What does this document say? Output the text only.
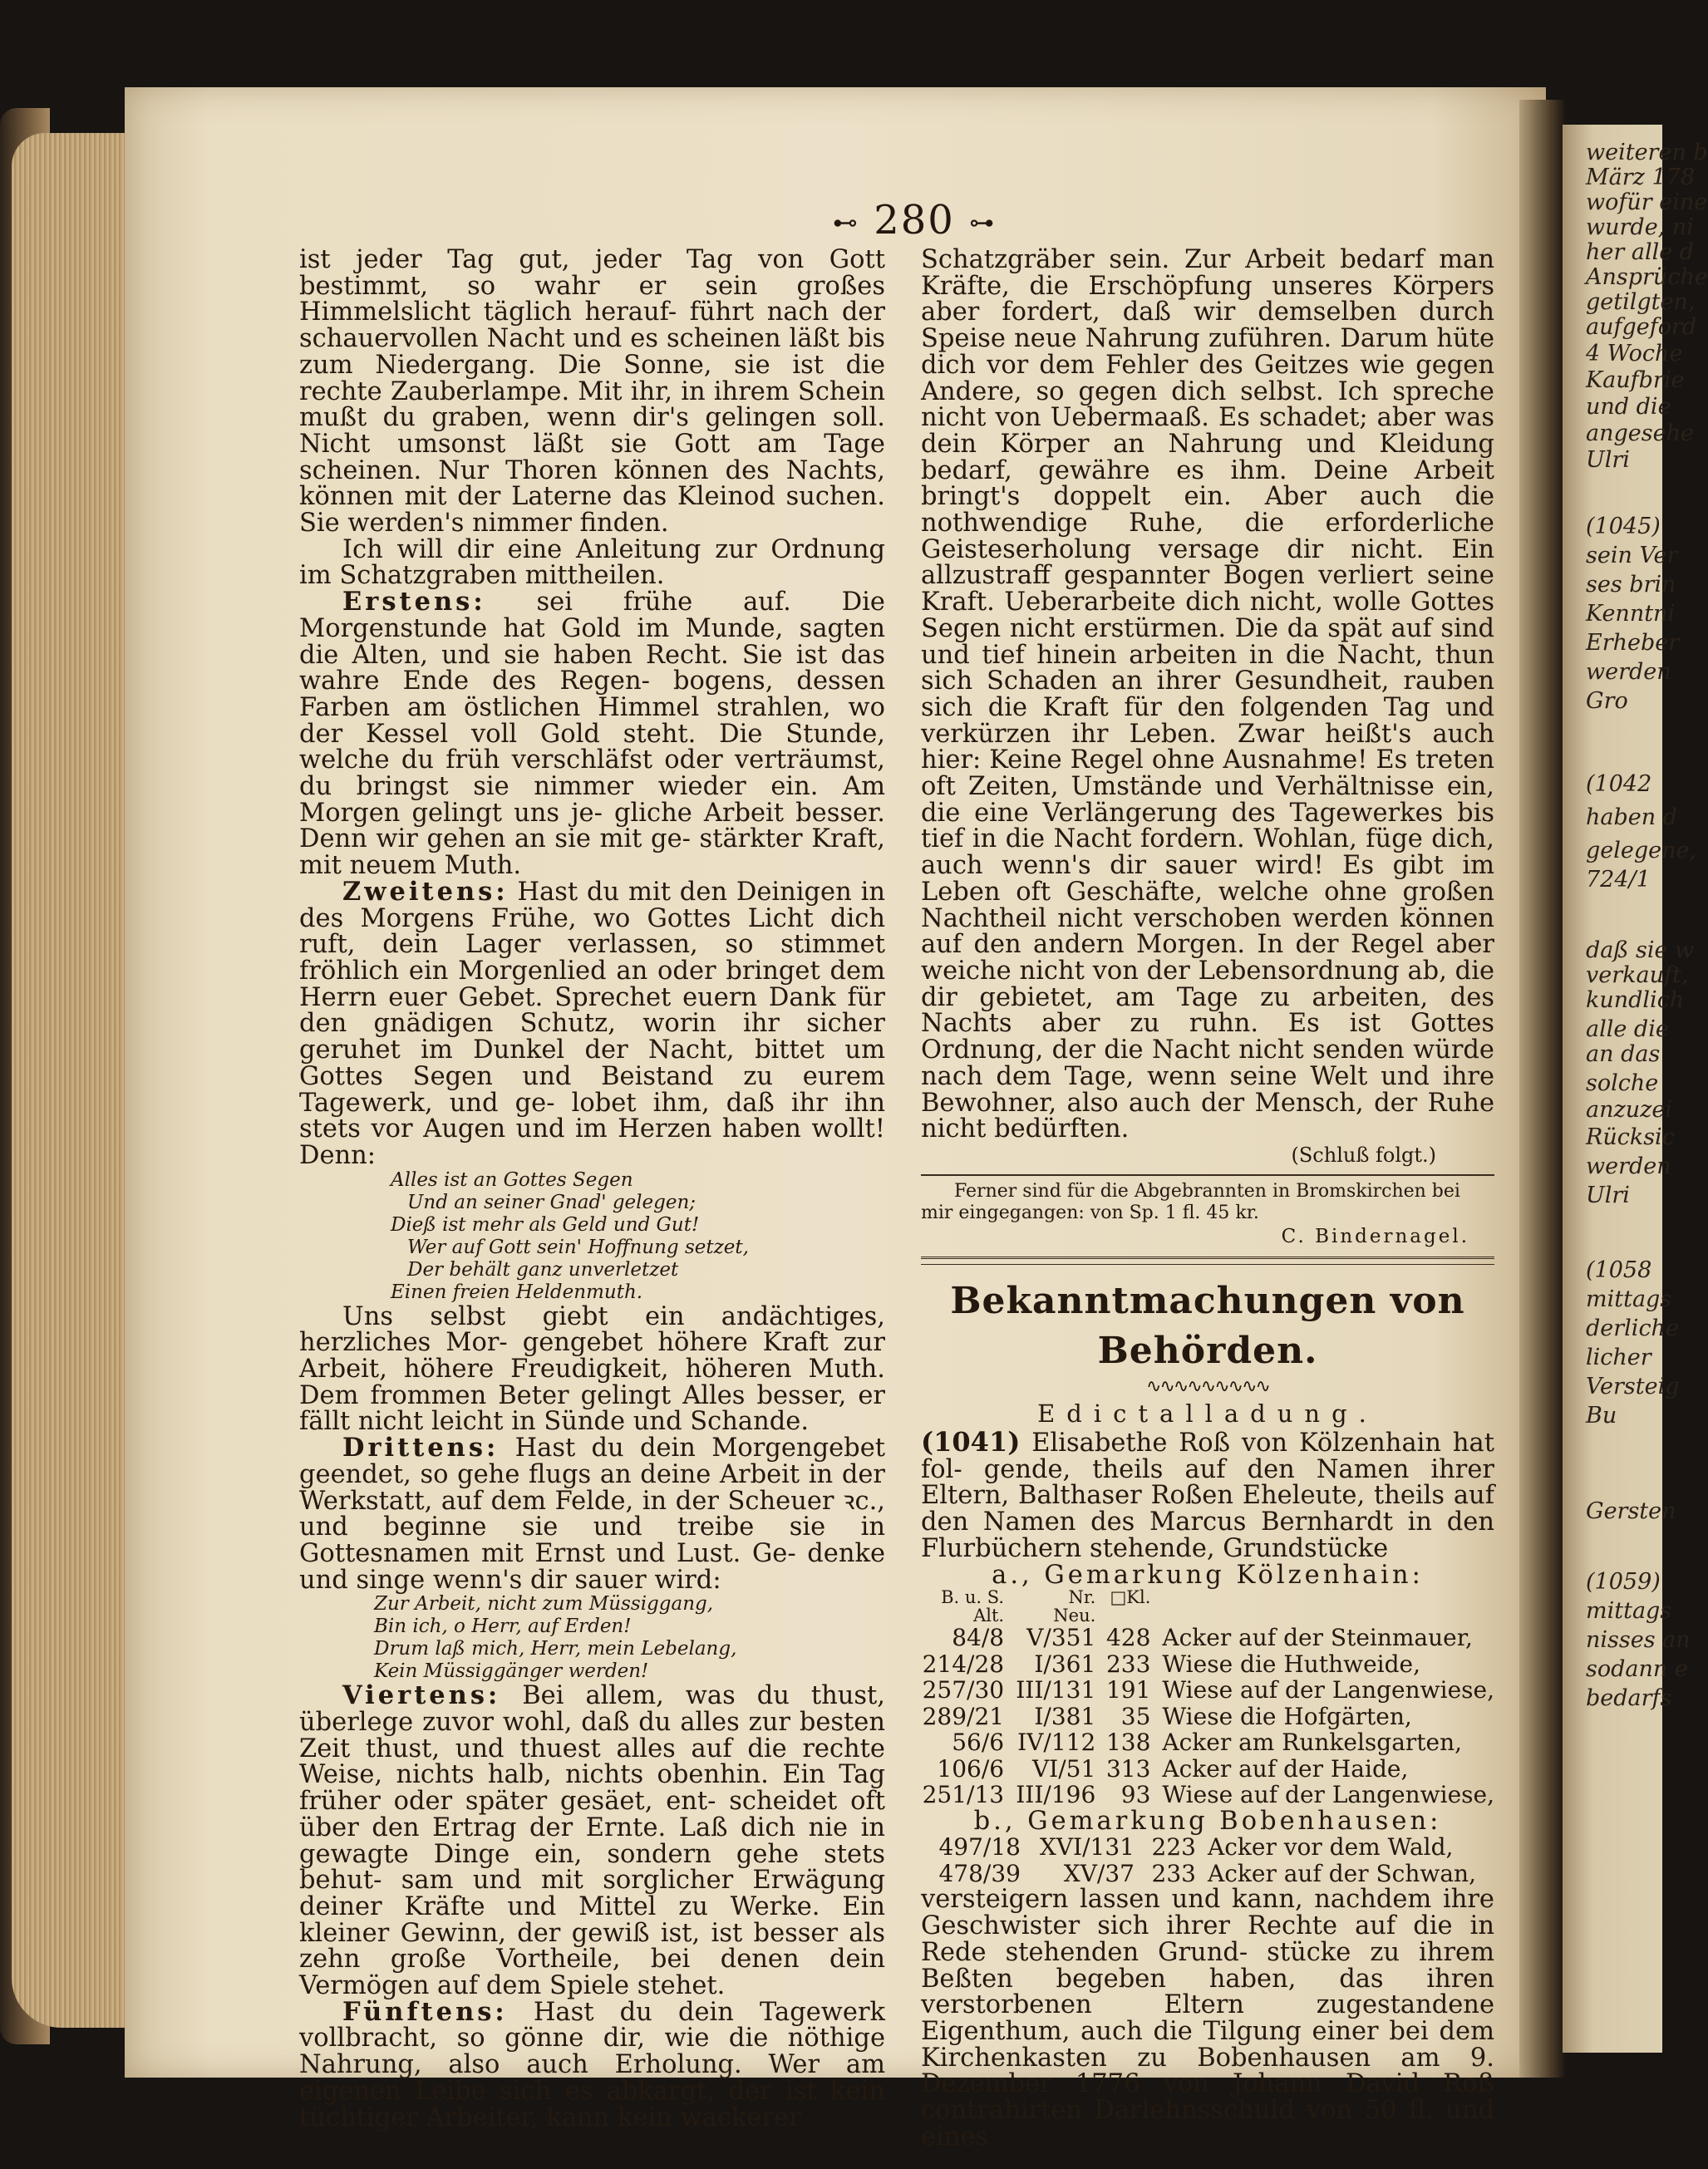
weiteren b
März 178
wofür eine
wurde, ni
her alle d
Ansprüche
getilgten,
aufgeford
4 Woche
Kaufbrie
und die
angesehe
Ulri
(1045)
sein Ver
ses brin
Kenntni
Erheber
werden
Gro
(1042
haben d
gelegene,
724/1
daß sie w
verkauft,
kundlich
alle die
an das
solche
anzuzei
Rücksic
werden
Ulri
(1058
mittags
derliche
licher
Versteig
Bu
Gersten
(1059)
mittags
nisses an
sodann e
bedarfs
⊷ 280 ⊶

ist jeder Tag gut, jeder Tag von Gott bestimmt, so wahr er sein großes Himmelslicht täglich herauf- führt nach der schauervollen Nacht und es scheinen läßt bis zum Niedergang. Die Sonne, sie ist die rechte Zauberlampe. Mit ihr, in ihrem Schein mußt du graben, wenn dir's gelingen soll. Nicht umsonst läßt sie Gott am Tage scheinen. Nur Thoren können des Nachts, können mit der Laterne das Kleinod suchen. Sie werden's nimmer finden.

Ich will dir eine Anleitung zur Ordnung im Schatzgraben mittheilen.

Erstens: sei frühe auf. Die Morgenstunde hat Gold im Munde, sagten die Alten, und sie haben Recht. Sie ist das wahre Ende des Regen- bogens, dessen Farben am östlichen Himmel strahlen, wo der Kessel voll Gold steht. Die Stunde, welche du früh verschläfst oder verträumst, du bringst sie nimmer wieder ein. Am Morgen gelingt uns je- gliche Arbeit besser. Denn wir gehen an sie mit ge- stärkter Kraft, mit neuem Muth.

Zweitens: Hast du mit den Deinigen in des Morgens Frühe, wo Gottes Licht dich ruft, dein Lager verlassen, so stimmet fröhlich ein Morgenlied an oder bringet dem Herrn euer Gebet. Sprechet euern Dank für den gnädigen Schutz, worin ihr sicher geruhet im Dunkel der Nacht, bittet um Gottes Segen und Beistand zu eurem Tagewerk, und ge- lobet ihm, daß ihr ihn stets vor Augen und im Herzen haben wollt! Denn:

Alles ist an Gottes Segen
Und an seiner Gnad' gelegen;
Dieß ist mehr als Geld und Gut!
Wer auf Gott sein' Hoffnung setzet,
Der behält ganz unverletzet
Einen freien Heldenmuth.

Uns selbst giebt ein andächtiges, herzliches Mor- gengebet höhere Kraft zur Arbeit, höhere Freudigkeit, höheren Muth. Dem frommen Beter gelingt Alles besser, er fällt nicht leicht in Sünde und Schande.

Drittens: Hast du dein Morgengebet geendet, so gehe flugs an deine Arbeit in der Werkstatt, auf dem Felde, in der Scheuer ꝛc., und beginne sie und treibe sie in Gottesnamen mit Ernst und Lust. Ge- denke und singe wenn's dir sauer wird:

Zur Arbeit, nicht zum Müssiggang,
Bin ich, o Herr, auf Erden!
Drum laß mich, Herr, mein Lebelang,
Kein Müssiggänger werden!

Viertens: Bei allem, was du thust, überlege zuvor wohl, daß du alles zur besten Zeit thust, und thuest alles auf die rechte Weise, nichts halb, nichts obenhin. Ein Tag früher oder später gesäet, ent- scheidet oft über den Ertrag der Ernte. Laß dich nie in gewagte Dinge ein, sondern gehe stets behut- sam und mit sorglicher Erwägung deiner Kräfte und Mittel zu Werke. Ein kleiner Gewinn, der gewiß ist, ist besser als zehn große Vortheile, bei denen dein Vermögen auf dem Spiele stehet.

Fünftens: Hast du dein Tagewerk vollbracht, so gönne dir, wie die nöthige Nahrung, also auch Erholung. Wer am eigenen Leibe sich es abkargt, der ist kein tüchtiger Arbeiter, kann kein wackerer

Schatzgräber sein. Zur Arbeit bedarf man Kräfte, die Erschöpfung unseres Körpers aber fordert, daß wir demselben durch Speise neue Nahrung zuführen. Darum hüte dich vor dem Fehler des Geitzes wie gegen Andere, so gegen dich selbst. Ich spreche nicht von Uebermaaß. Es schadet; aber was dein Körper an Nahrung und Kleidung bedarf, gewähre es ihm. Deine Arbeit bringt's doppelt ein. Aber auch die nothwendige Ruhe, die erforderliche Geisteserholung versage dir nicht. Ein allzustraff gespannter Bogen verliert seine Kraft. Ueberarbeite dich nicht, wolle Gottes Segen nicht erstürmen. Die da spät auf sind und tief hinein arbeiten in die Nacht, thun sich Schaden an ihrer Gesundheit, rauben sich die Kraft für den folgenden Tag und verkürzen ihr Leben. Zwar heißt's auch hier: Keine Regel ohne Ausnahme! Es treten oft Zeiten, Umstände und Verhältnisse ein, die eine Verlängerung des Tagewerkes bis tief in die Nacht fordern. Wohlan, füge dich, auch wenn's dir sauer wird! Es gibt im Leben oft Geschäfte, welche ohne großen Nachtheil nicht verschoben werden können auf den andern Morgen. In der Regel aber weiche nicht von der Lebensordnung ab, die dir gebietet, am Tage zu arbeiten, des Nachts aber zu ruhn. Es ist Gottes Ordnung, der die Nacht nicht senden würde nach dem Tage, wenn seine Welt und ihre Bewohner, also auch der Mensch, der Ruhe nicht bedürften.

(Schluß folgt.)

Ferner sind für die Abgebrannten in Bromskirchen bei mir eingegangen: von Sp. 1 fl. 45 kr.

C. Bindernagel.

Bekanntmachungen von Behörden.
∿∿∿∿∿∿∿∿∿
Edictalladung.

(1041) Elisabethe Roß von Kölzenhain hat fol- gende, theils auf den Namen ihrer Eltern, Balthaser Roßen Eheleute, theils auf den Namen des Marcus Bernhardt in den Flurbüchern stehende, Grundstücke

a., Gemarkung Kölzenhain:
B. u. S.	Nr.	□Kl.	
Alt.	Neu.		
84/8	V/351	428	Acker auf der Steinmauer,
214/28	I/361	233	Wiese die Huthweide,
257/30	III/131	191	Wiese auf der Langenwiese,
289/21	I/381	35	Wiese die Hofgärten,
56/6	IV/112	138	Acker am Runkelsgarten,
106/6	VI/51	313	Acker auf der Haide,
251/13	III/196	93	Wiese auf der Langenwiese,
b., Gemarkung Bobenhausen:
497/18	XVI/131	223	Acker vor dem Wald,
478/39	XV/37	233	Acker auf der Schwan,

versteigern lassen und kann, nachdem ihre Geschwister sich ihrer Rechte auf die in Rede stehenden Grund- stücke zu ihrem Beßten begeben haben, das ihren verstorbenen Eltern zugestandene Eigenthum, auch die Tilgung einer bei dem Kirchenkasten zu Bobenhausen am 9. Dezember 1776 von Johann David Roß contrahirten Darlehnsschuld von 50 fl. und eines
